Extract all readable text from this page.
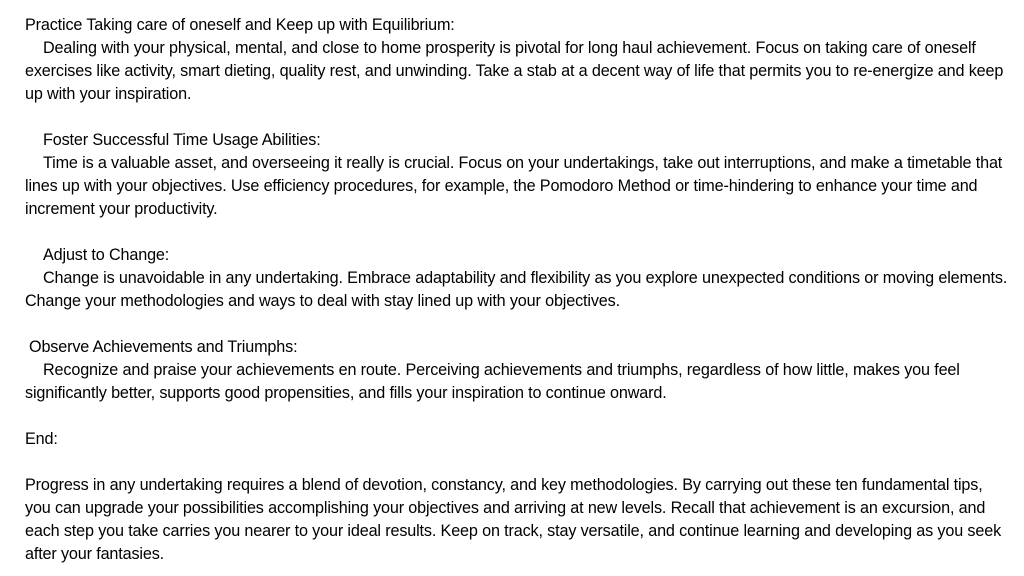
Practice Taking care of oneself and Keep up with Equilibrium:
Dealing with your physical, mental, and close to home prosperity is pivotal for long haul achievement. Focus on taking care of oneself exercises like activity, smart dieting, quality rest, and unwinding. Take a stab at a decent way of life that permits you to re-energize and keep up with your inspiration.
Foster Successful Time Usage Abilities:
Time is a valuable asset, and overseeing it really is crucial. Focus on your undertakings, take out interruptions, and make a timetable that lines up with your objectives. Use efficiency procedures, for example, the Pomodoro Method or time-hindering to enhance your time and increment your productivity.
Adjust to Change:
Change is unavoidable in any undertaking. Embrace adaptability and flexibility as you explore unexpected conditions or moving elements. Change your methodologies and ways to deal with stay lined up with your objectives.
Observe Achievements and Triumphs:
Recognize and praise your achievements en route. Perceiving achievements and triumphs, regardless of how little, makes you feel significantly better, supports good propensities, and fills your inspiration to continue onward.
End:
Progress in any undertaking requires a blend of devotion, constancy, and key methodologies. By carrying out these ten fundamental tips, you can upgrade your possibilities accomplishing your objectives and arriving at new levels. Recall that achievement is an excursion, and each step you take carries you nearer to your ideal results. Keep on track, stay versatile, and continue learning and developing as you seek after your fantasies.
